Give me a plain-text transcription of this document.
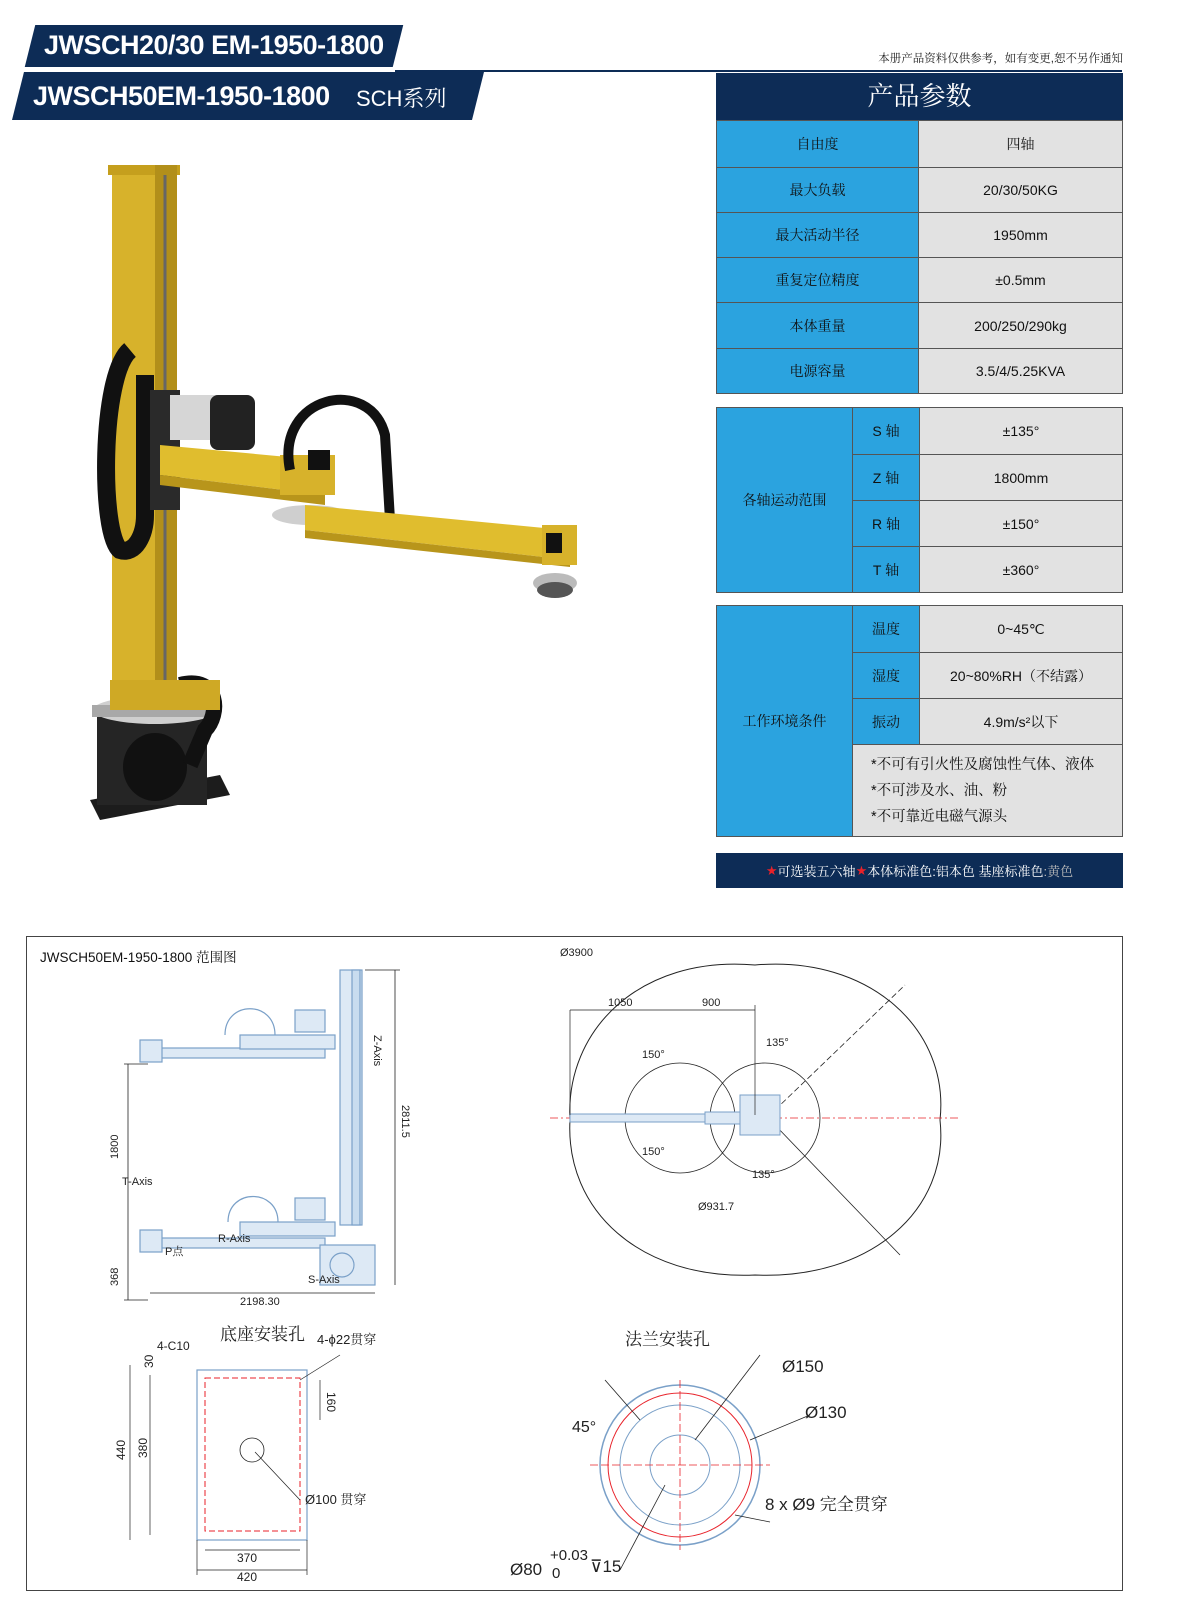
JWSCH20/30 EM-1950-1800
JWSCH50EM-1950-1800 SCH系列
本册产品资料仅供参考，如有变更,恕不另作通知
产品参数
自由度	四轴
最大负载	20/30/50KG
最大活动半径	1950mm
重复定位精度	±0.5mm
本体重量	200/250/290kg
电源容量	3.5/4/5.25KVA
各轴运动范围
S 轴	±135°
Z 轴	1800mm
R 轴	±150°
T 轴	±360°
工作环境条件
温度	0~45℃
湿度	20~80%RH（不结露）
振动	4.9m/s²以下
*不可有引火性及腐蚀性气体、液体
*不可涉及水、油、粉
*不可靠近电磁气源头
★ 可选装五六轴 ★ 本体标准色 :铝本色 基座标准色 :黄色
JWSCH50EM-1950-1800 范围图
1800
368
2811.5
2198.30
T-Axis
R-Axis
S-Axis
Z-Axis
P点
Ø3900
1050	900
150°
150°
135°
135°
Ø931.7
底座安装孔
30
4-C10	4-ϕ22贯穿
160
440 380
Ø100 贯穿
370
420
法兰安装孔
Ø150
Ø130
45°
8 x Ø9 完全贯穿
Ø80
+0.03
0 ⊽15
